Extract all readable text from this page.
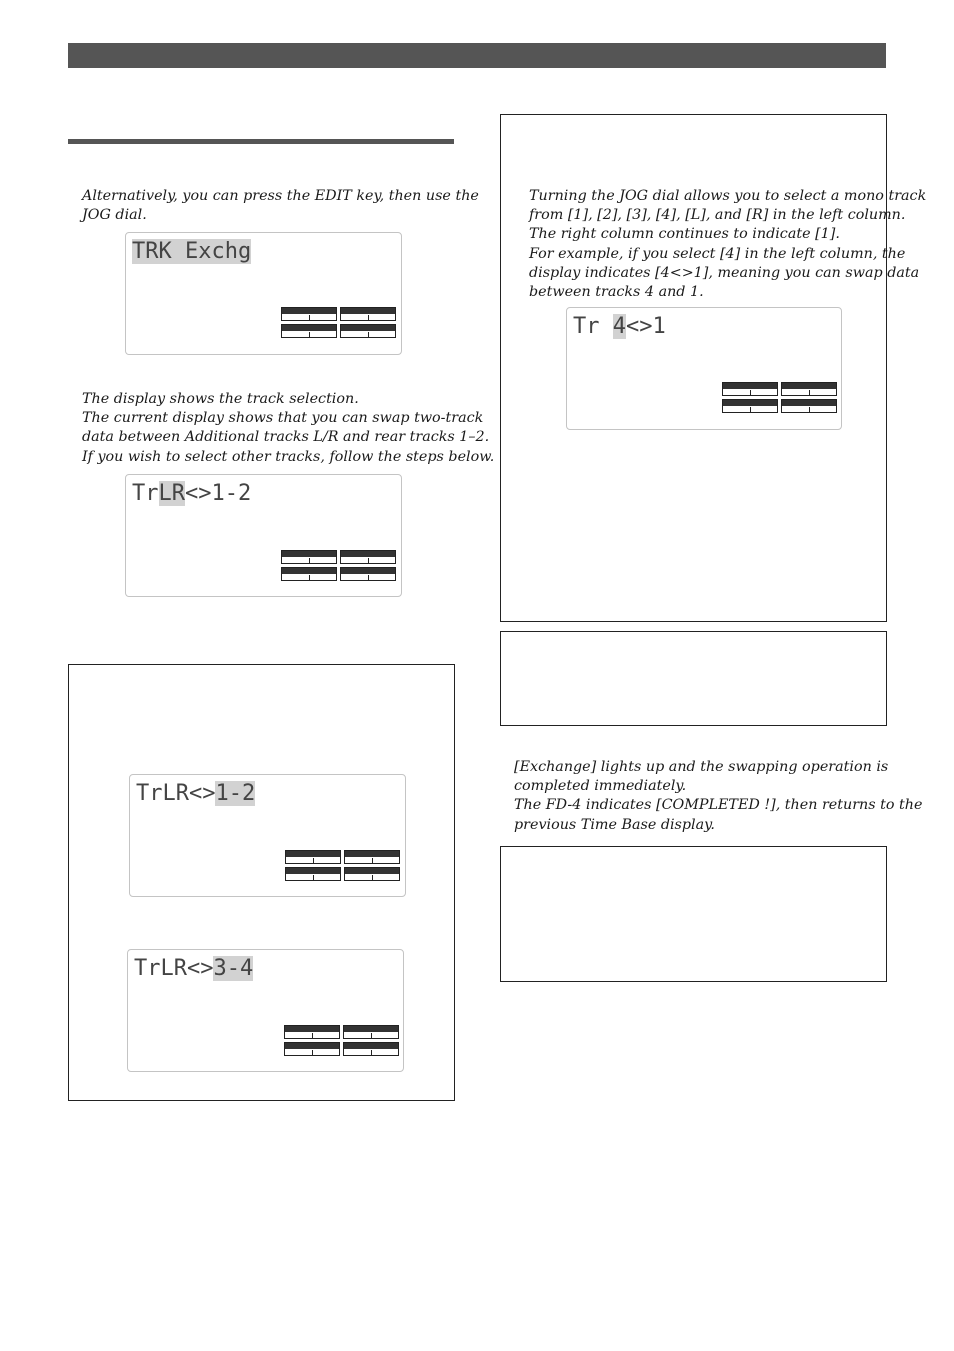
Alternatively, you can press the EDIT key, then use the
JOG dial.

TRK Exchg

The display shows the track selection.
The current display shows that you can swap two-track
data between Additional tracks L/R and rear tracks 1–2.
If you wish to select other tracks, follow the steps below.

TrLR<>1-2
TrLR<>1-2
TrLR<>3-4

Turning the JOG dial allows you to select a mono track
from [1], [2], [3], [4], [L], and [R] in the left column.
The right column continues to indicate [1].
For example, if you select [4] in the left column, the
display indicates [4<>1], meaning you can swap data
between tracks 4 and 1.

Tr 4<>1

[Exchange] lights up and the swapping operation is
completed immediately.
The FD-4 indicates [COMPLETED !], then returns to the
previous Time Base display.
